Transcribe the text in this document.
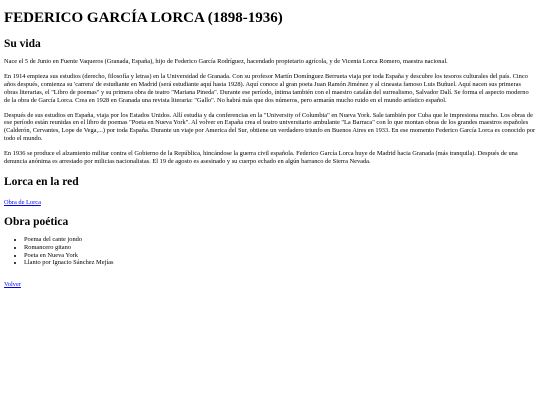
FEDERICO GARCÍA LORCA (1898-1936)
Su vida

Nace el 5 de Junio en Fuente Vaqueros (Granada, España), hijo de Federico García Rodríguez, hacendado propietario agrícola, y de Vicenta Lorca Romero, maestra nacional.

En 1914 empieza sus estudios (derecho, filosofía y letras) en la Universidad de Granada. Con su profesor Martín Domínguez Berrueta viaja por toda España y descubre los tesoros culturales del país. Cinco años después, comienza su 'carrera' de estudiante en Madrid (será estudiante aquí hasta 1928). Aquí conoce al gran poeta Juan Ramón Jiménez y al cineasta famoso Luis Buñuel. Aquí nacen sus primeras obras literarias, el "Libro de poemas" y su primera obra de teatro "Mariana Pineda". Durante ese período, íntima también con el maestro catalán del surrealismo, Salvador Dalí. Se forma el aspecto moderno de la obra de García Lorca. Crea en 1928 en Granada una revista literaria: "Gallo". No habrá más que dos números, pero armarán mucho ruido en el mundo artístico español.

Después de sus estudios en España, viaja por los Estados Unidos. Allí estudia y da conferencias en la "University of Columbia" en Nueva York. Sale también por Cuba que le impresiona mucho. Los obras de ese período están reunidas en el libro de poemas "Poeta en Nueva York". Al volver en España crea el teatro universitario ambulante "La Barraca" con lo que montan obras de los grandes maestros españoles (Calderón, Cervantes, Lope de Vega,...) por toda España. Durante un viaje por America del Sur, obtiene un verdadero triunfo en Buenos Aires en 1933. En ese momento Federico García Lorca es conocido por todo el mundo.

En 1936 se produce el alzamiento militar contra el Gobierno de la República, hincándose la guerra civil española. Federico García Lorca huye de Madrid hacia Granada (más tranquila). Después de una denuncia anónima es arrestado por milicias nacionalistas. El 19 de agosto es asesinado y su cuerpo echado en algún barranco de Sierra Nevada.

Lorca en la red
Obra de Lorca
Obra poética
• Poema del cante jondo
• Romancero gitano
• Poeta en Nueva York
• Llanto por Ignacio Sánchez Mejías
Volver
